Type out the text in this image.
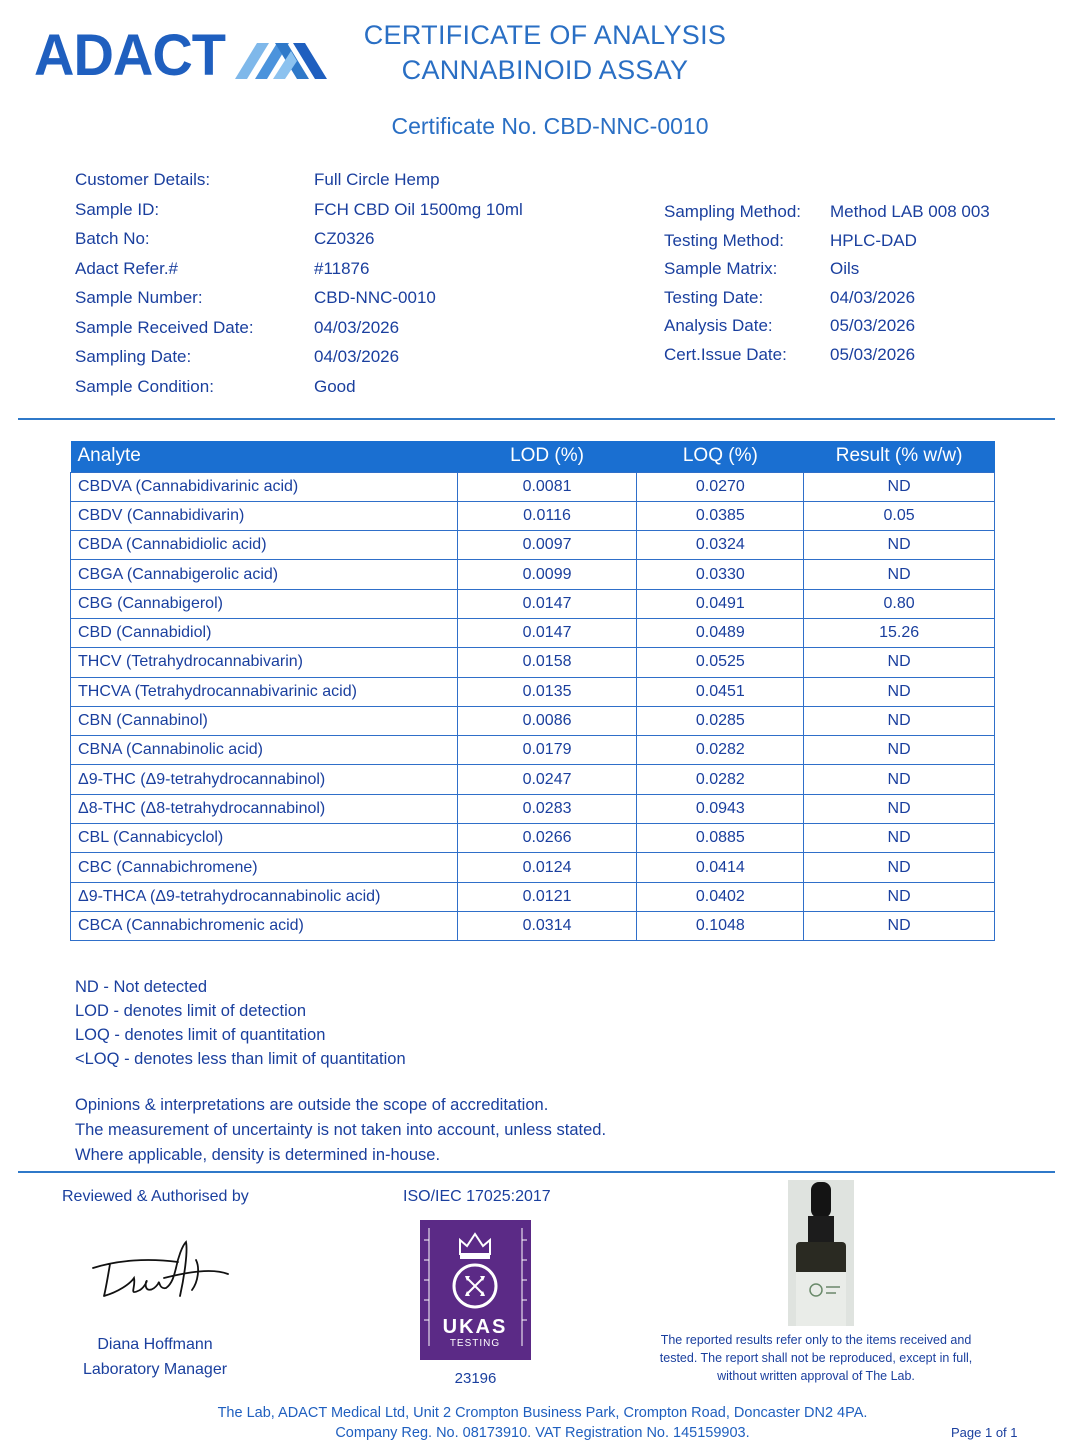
ADACT	CERTIFICATE OF ANALYSIS
CANNABINOID ASSAY
Certificate No. CBD-NNC-0010
Customer Details:	Full Circle Hemp
Sample ID:	FCH CBD Oil 1500mg 10ml
Batch No:	CZ0326
Adact Refer.#	#11876
Sample Number:	CBD-NNC-0010
Sample Received Date:	04/03/2026
Sampling Date:	04/03/2026
Sample Condition:	Good
Sampling Method:	Method LAB 008 003
Testing Method:	HPLC-DAD
Sample Matrix:	Oils
Testing Date:	04/03/2026
Analysis Date:	05/03/2026
Cert.Issue Date:	05/03/2026
Analyte	LOD (%)	LOQ (%)	Result (% w/w)
CBDVA (Cannabidivarinic acid)	0.0081	0.0270	ND
CBDV (Cannabidivarin)	0.0116	0.0385	0.05
CBDA (Cannabidiolic acid)	0.0097	0.0324	ND
CBGA (Cannabigerolic acid)	0.0099	0.0330	ND
CBG (Cannabigerol)	0.0147	0.0491	0.80
CBD (Cannabidiol)	0.0147	0.0489	15.26
THCV (Tetrahydrocannabivarin)	0.0158	0.0525	ND
THCVA (Tetrahydrocannabivarinic acid)	0.0135	0.0451	ND
CBN (Cannabinol)	0.0086	0.0285	ND
CBNA (Cannabinolic acid)	0.0179	0.0282	ND
Δ9-THC (Δ9-tetrahydrocannabinol)	0.0247	0.0282	ND
Δ8-THC (Δ8-tetrahydrocannabinol)	0.0283	0.0943	ND
CBL (Cannabicyclol)	0.0266	0.0885	ND
CBC (Cannabichromene)	0.0124	0.0414	ND
Δ9-THCA (Δ9-tetrahydrocannabinolic acid)	0.0121	0.0402	ND
CBCA (Cannabichromenic acid)	0.0314	0.1048	ND
ND - Not detected
LOD - denotes limit of detection
LOQ - denotes limit of quantitation
<LOQ - denotes less than limit of quantitation
Opinions & interpretations are outside the scope of accreditation.
The measurement of uncertainty is not taken into account, unless stated.
Where applicable, density is determined in-house.
Reviewed & Authorised by
Diana Hoffmann
Laboratory Manager
ISO/IEC 17025:2017
UKAS
TESTING
23196
The reported results refer only to the items received and
tested. The report shall not be reproduced, except in full,
without written approval of The Lab.
The Lab, ADACT Medical Ltd, Unit 2 Crompton Business Park, Crompton Road, Doncaster DN2 4PA.
Company Reg. No. 08173910. VAT Registration No. 145159903.	Page 1 of 1
